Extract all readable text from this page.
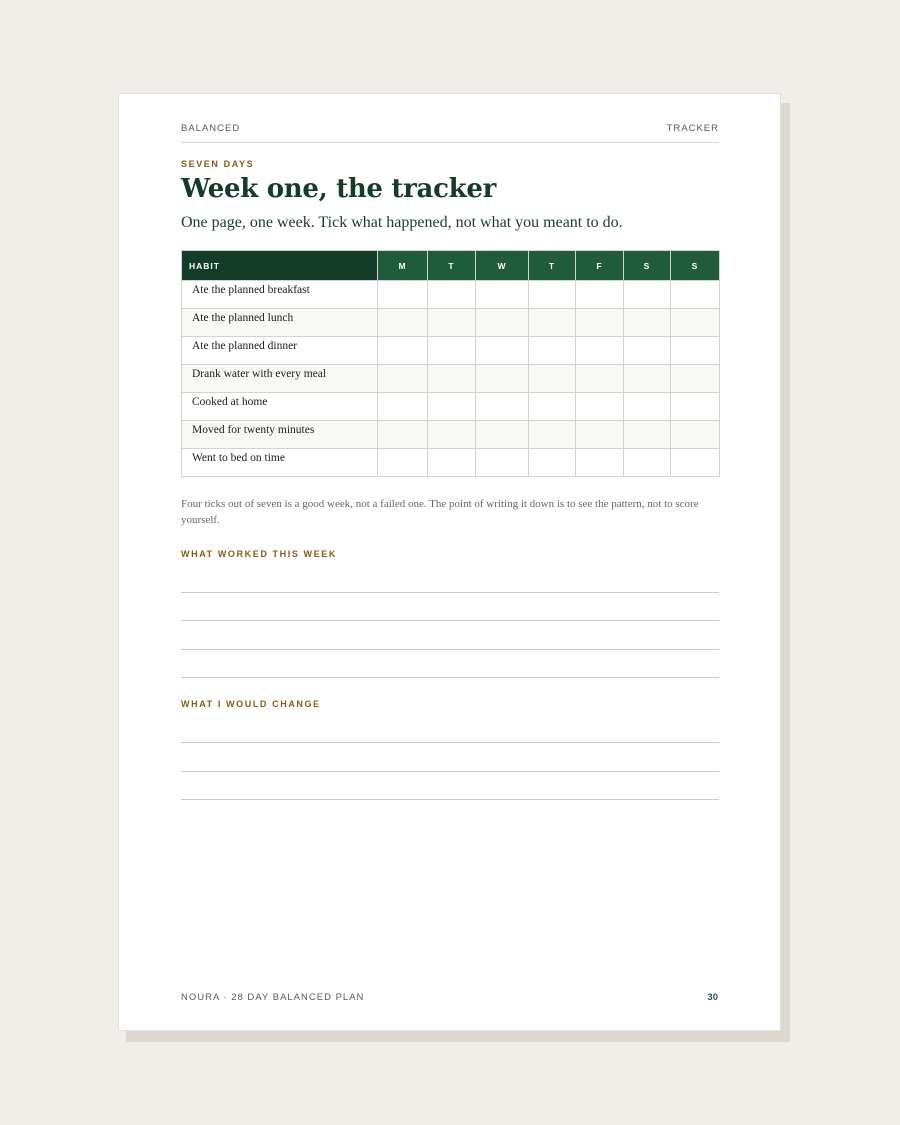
BALANCED	TRACKER
SEVEN DAYS
Week one, the tracker
One page, one week. Tick what happened, not what you meant to do.
HABIT	M	T	W	T	F	S	S
Ate the planned breakfast							
Ate the planned lunch							
Ate the planned dinner							
Drank water with every meal							
Cooked at home							
Moved for twenty minutes							
Went to bed on time							
Four ticks out of seven is a good week, not a failed one. The point of writing it down is to see the pattern, not to score yourself.
WHAT WORKED THIS WEEK
WHAT I WOULD CHANGE
NOURA · 28 DAY BALANCED PLAN	30
